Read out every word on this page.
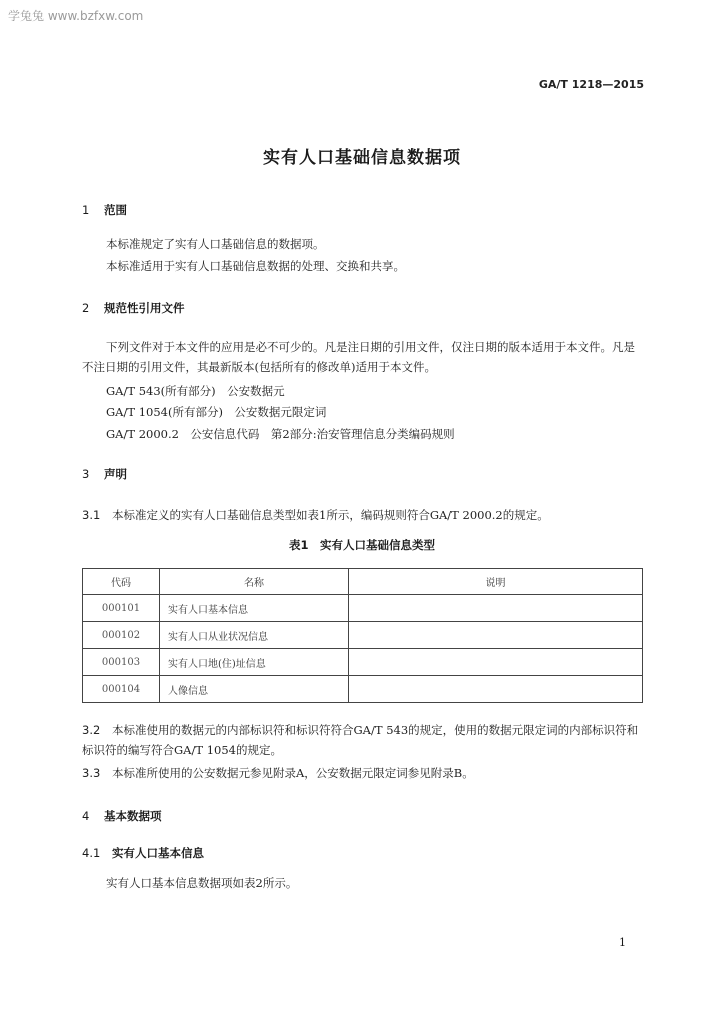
学兔兔 www.bzfxw.com
GA/T 1218—2015
实有人口基础信息数据项
1 范围
本标准规定了实有人口基础信息的数据项。
本标准适用于实有人口基础信息数据的处理、交换和共享。
2 规范性引用文件
下列文件对于本文件的应用是必不可少的。凡是注日期的引用文件，仅注日期的版本适用于本文件。凡是不注日期的引用文件，其最新版本(包括所有的修改单)适用于本文件。
GA/T 543(所有部分)　公安数据元
GA/T 1054(所有部分)　公安数据元限定词
GA/T 2000.2　公安信息代码　第2部分:治安管理信息分类编码规则
3 声明
3.1 本标准定义的实有人口基础信息类型如表1所示，编码规则符合GA/T 2000.2的规定。
表1　实有人口基础信息类型
代码	名称	说明
000101	实有人口基本信息	
000102	实有人口从业状况信息	
000103	实有人口地(住)址信息	
000104	人像信息	
3.2 本标准使用的数据元的内部标识符和标识符符合GA/T 543的规定，使用的数据元限定词的内部标识符和标识符的编写符合GA/T 1054的规定。
3.3 本标准所使用的公安数据元参见附录A，公安数据元限定词参见附录B。
4 基本数据项
4.1 实有人口基本信息
实有人口基本信息数据项如表2所示。
1
